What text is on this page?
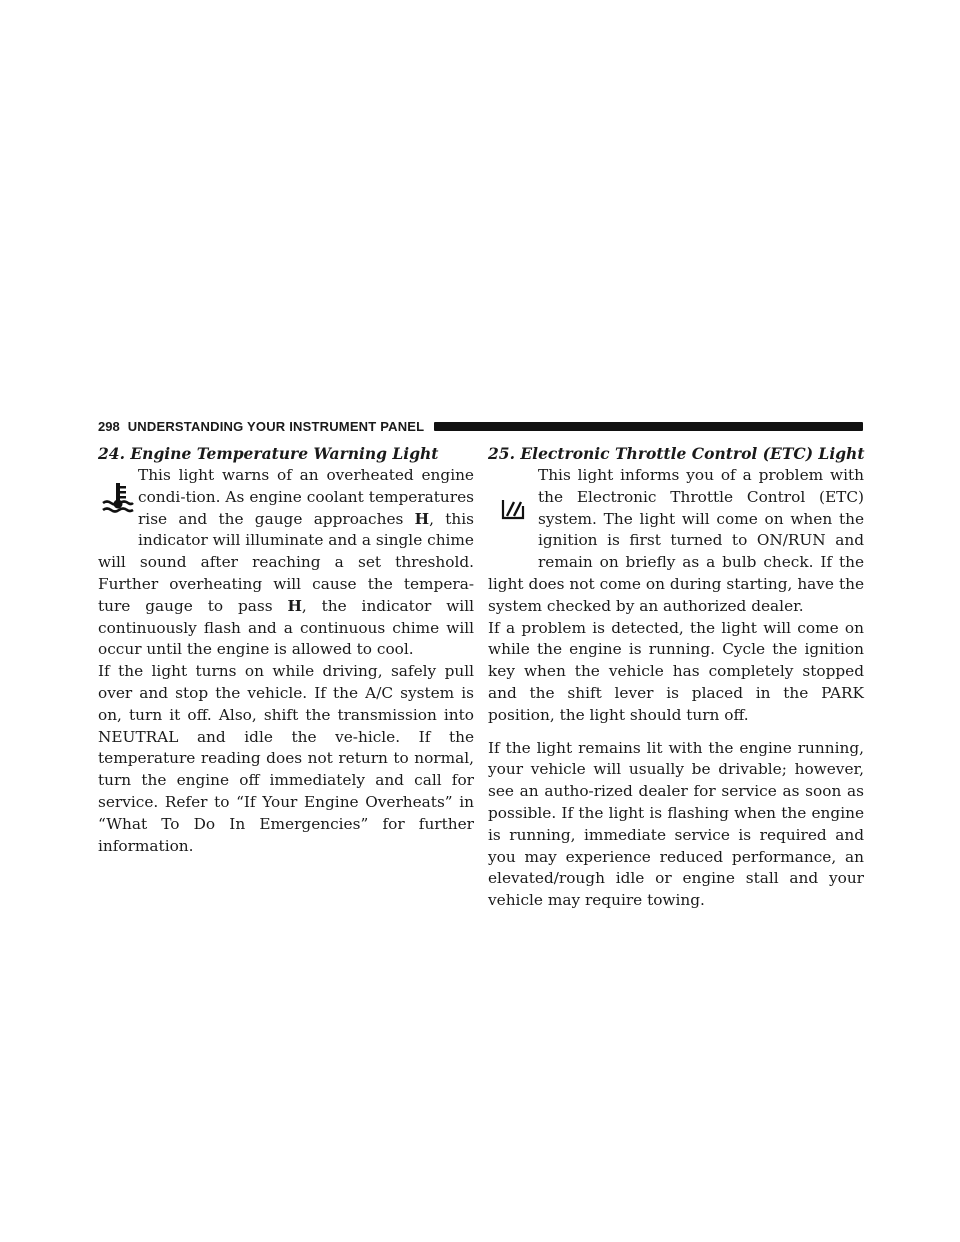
298 UNDERSTANDING YOUR INSTRUMENT PANEL
24. Engine Temperature Warning Light

This light warns of an overheated engine condi-tion. As engine coolant temperatures rise and the gauge approaches H, this indicator will illuminate and a single chime will sound after reaching a set threshold. Further overheating will cause the tempera-ture gauge to pass H, the indicator will continuously flash and a continuous chime will occur until the engine is allowed to cool.

If the light turns on while driving, safely pull over and stop the vehicle. If the A/C system is on, turn it off. Also, shift the transmission into NEUTRAL and idle the ve-hicle. If the temperature reading does not return to normal, turn the engine off immediately and call for service. Refer to “If Your Engine Overheats” in “What To Do In Emergencies” for further information.

25. Electronic Throttle Control (ETC) Light

This light informs you of a problem with the Electronic Throttle Control (ETC) system. The light will come on when the ignition is first turned to ON/RUN and remain on briefly as a bulb check. If the light does not come on during starting, have the system checked by an authorized dealer.

If a problem is detected, the light will come on while the engine is running. Cycle the ignition key when the vehicle has completely stopped and the shift lever is placed in the PARK position, the light should turn off.

If the light remains lit with the engine running, your vehicle will usually be drivable; however, see an autho-rized dealer for service as soon as possible. If the light is flashing when the engine is running, immediate service is required and you may experience reduced performance, an elevated/rough idle or engine stall and your vehicle may require towing.
